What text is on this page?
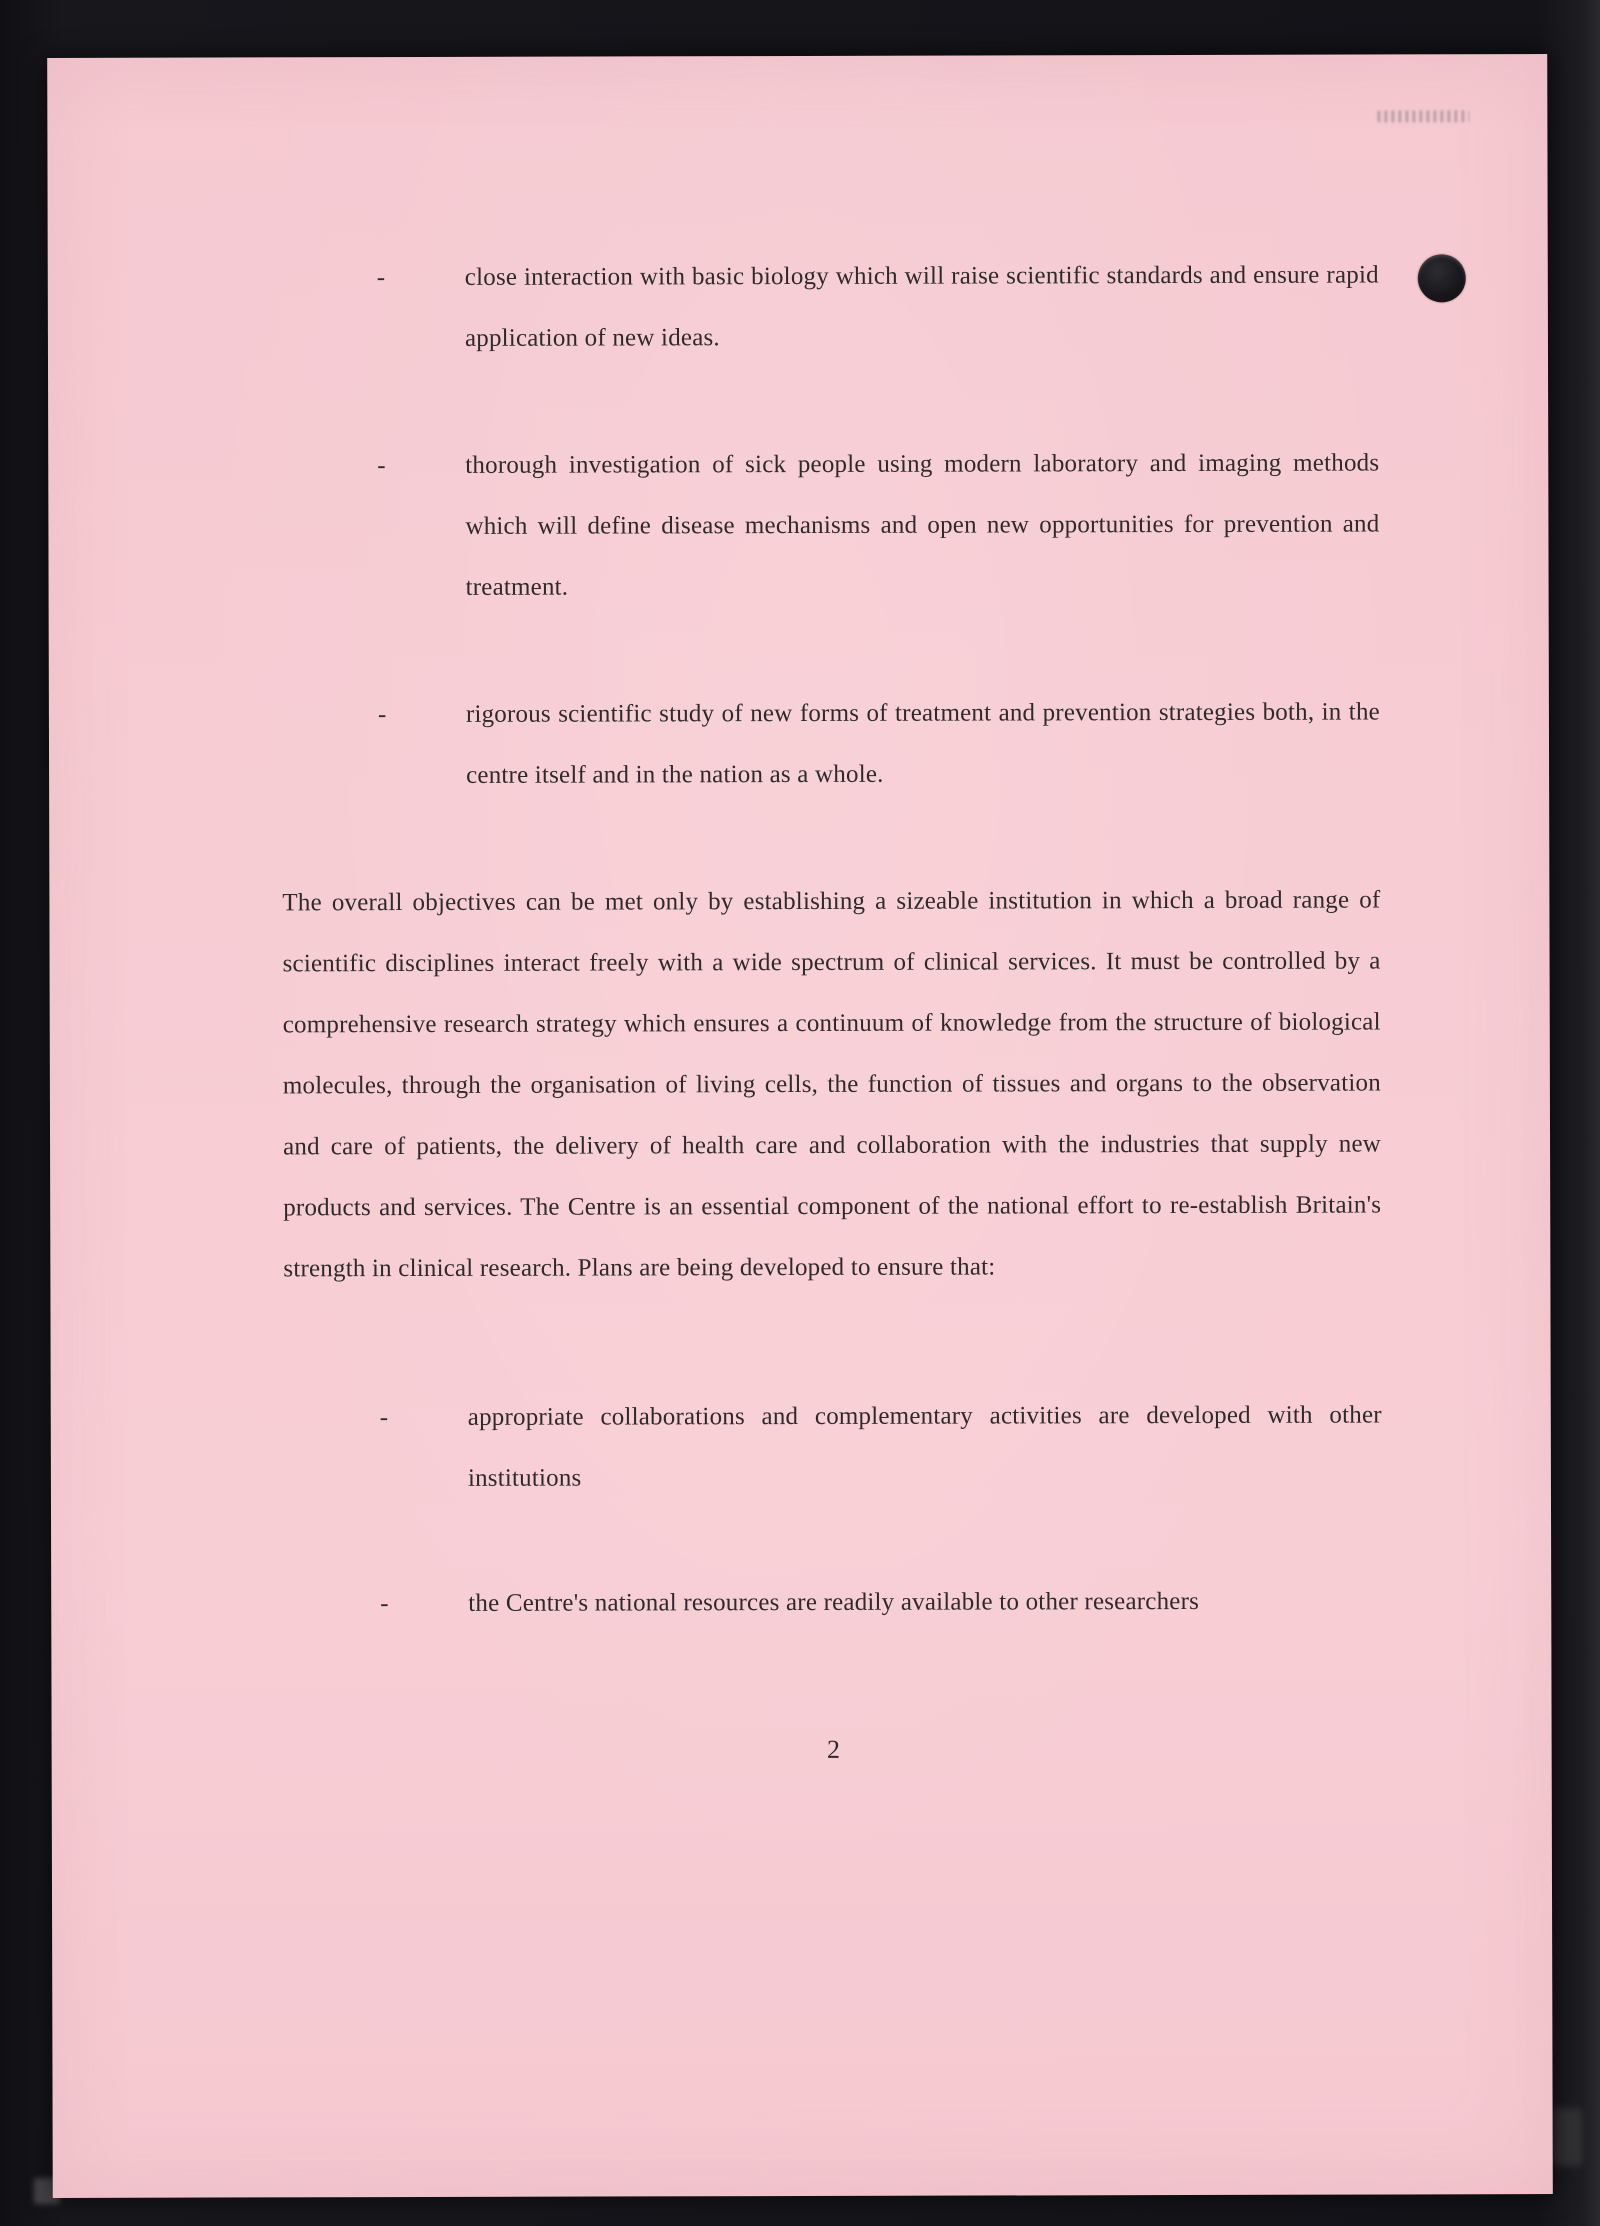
-	close interaction with basic biology which will raise scientific standards and ensure rapid application of new ideas.
-	thorough investigation of sick people using modern laboratory and imaging methods which will define disease mechanisms and open new opportunities for prevention and treatment.
-	rigorous scientific study of new forms of treatment and prevention strategies both, in the centre itself and in the nation as a whole.
The overall objectives can be met only by establishing a sizeable institution in which a broad range of scientific disciplines interact freely with a wide spectrum of clinical services. It must be controlled by a comprehensive research strategy which ensures a continuum of knowledge from the structure of biological molecules, through the organisation of living cells, the function of tissues and organs to the observation and care of patients, the delivery of health care and collaboration with the industries that supply new products and services. The Centre is an essential component of the national effort to re-establish Britain's strength in clinical research. Plans are being developed to ensure that:
-	appropriate collaborations and complementary activities are developed with other institutions
-	the Centre's national resources are readily available to other researchers
2
